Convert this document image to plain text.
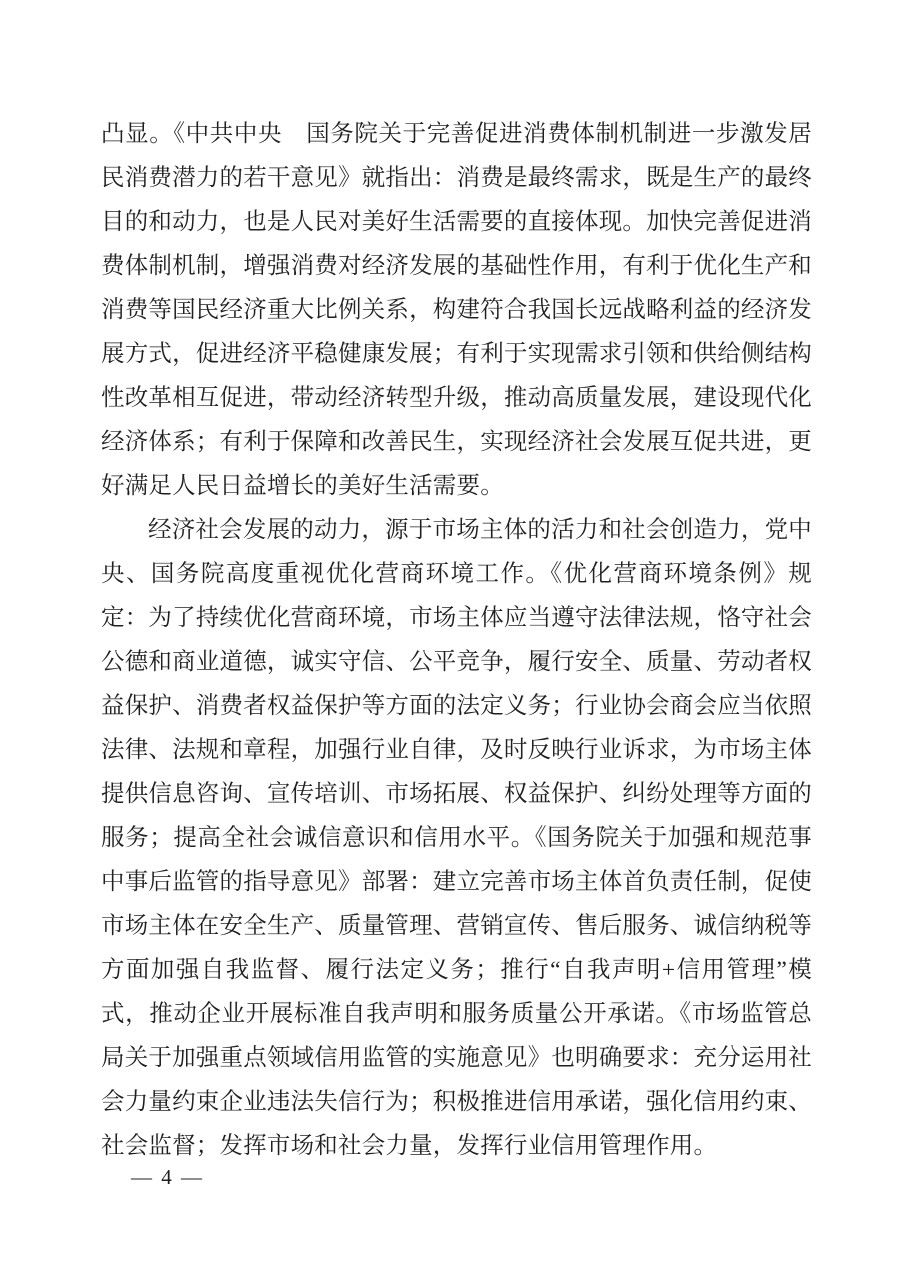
凸显。《中共中央　国务院关于完善促进消费体制机制进一步激发居民消费潜力的若干意见》就指出：消费是最终需求，既是生产的最终目的和动力，也是人民对美好生活需要的直接体现。加快完善促进消费体制机制，增强消费对经济发展的基础性作用，有利于优化生产和消费等国民经济重大比例关系，构建符合我国长远战略利益的经济发展方式，促进经济平稳健康发展；有利于实现需求引领和供给侧结构性改革相互促进，带动经济转型升级，推动高质量发展，建设现代化经济体系；有利于保障和改善民生，实现经济社会发展互促共进，更好满足人民日益增长的美好生活需要。

经济社会发展的动力，源于市场主体的活力和社会创造力，党中央、国务院高度重视优化营商环境工作。《优化营商环境条例》规定：为了持续优化营商环境，市场主体应当遵守法律法规，恪守社会公德和商业道德，诚实守信、公平竞争，履行安全、质量、劳动者权益保护、消费者权益保护等方面的法定义务；行业协会商会应当依照法律、法规和章程，加强行业自律，及时反映行业诉求，为市场主体提供信息咨询、宣传培训、市场拓展、权益保护、纠纷处理等方面的服务；提高全社会诚信意识和信用水平。《国务院关于加强和规范事中事后监管的指导意见》部署：建立完善市场主体首负责任制，促使市场主体在安全生产、质量管理、营销宣传、售后服务、诚信纳税等方面加强自我监督、履行法定义务；推行“自我声明+信用管理”模式，推动企业开展标准自我声明和服务质量公开承诺。《市场监管总局关于加强重点领域信用监管的实施意见》也明确要求：充分运用社会力量约束企业违法失信行为；积极推进信用承诺，强化信用约束、社会监督；发挥市场和社会力量，发挥行业信用管理作用。

— 4 —
